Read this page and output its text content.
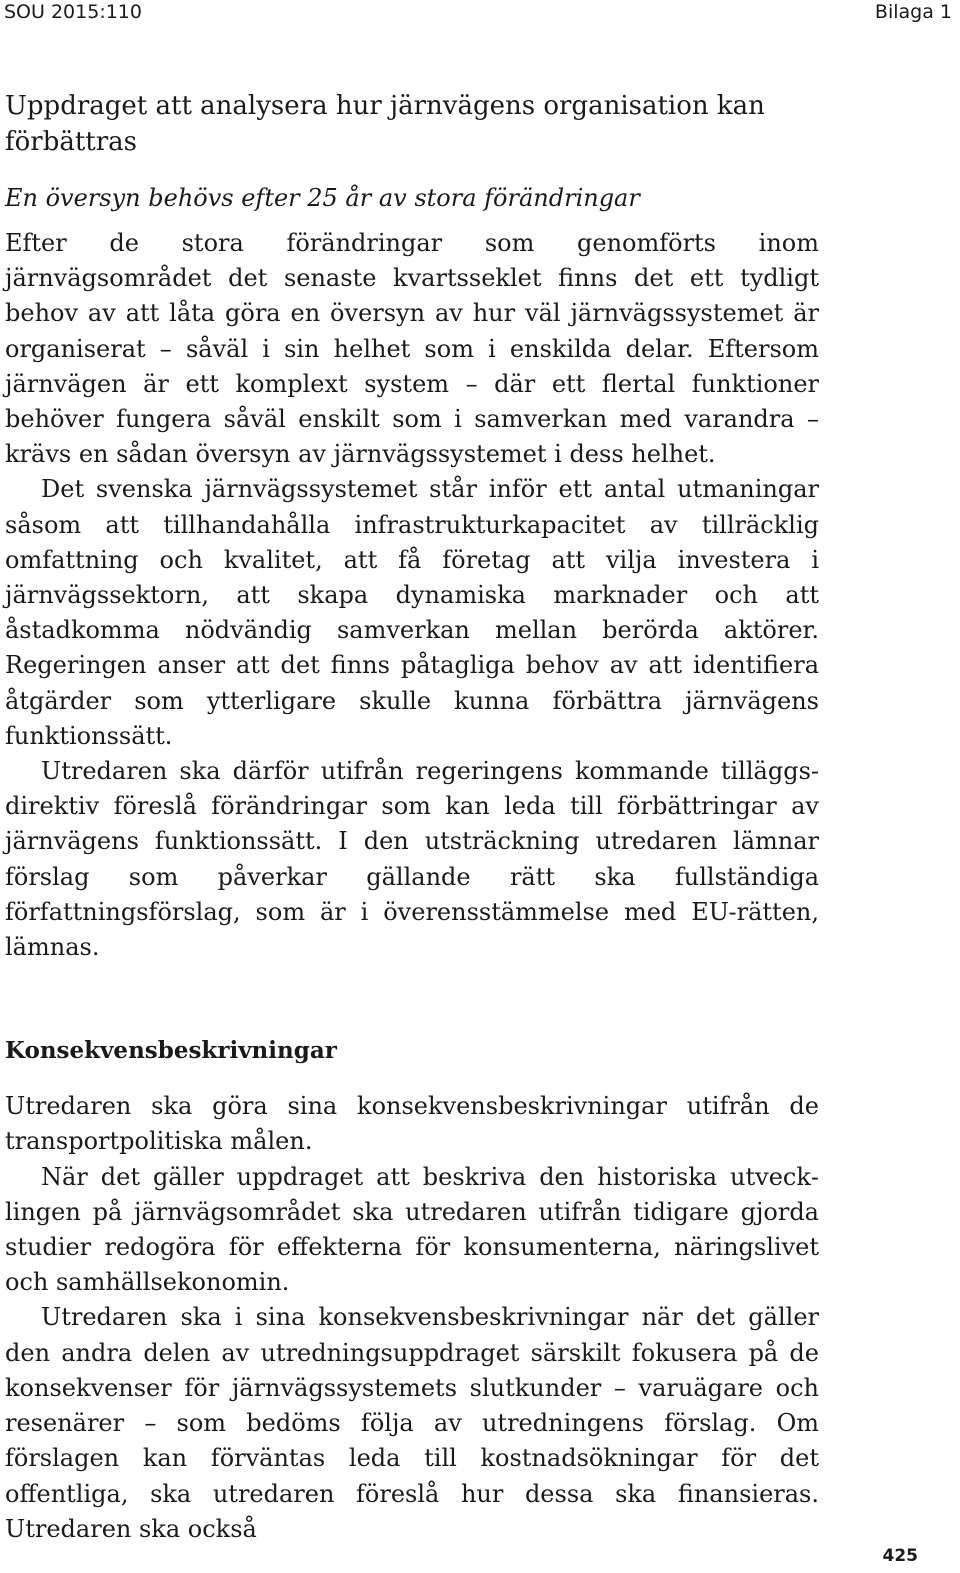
SOU 2015:110	Bilaga 1
Uppdraget att analysera hur järnvägens organisation kan förbättras
En översyn behövs efter 25 år av stora förändringar

Efter de stora förändringar som genomförts inom järnvägsområdet det senaste kvartsseklet finns det ett tydligt behov av att låta göra en översyn av hur väl järnvägssystemet är organiserat – såväl i sin helhet som i enskilda delar. Eftersom järnvägen är ett komplext system – där ett flertal funktioner behöver fungera såväl enskilt som i samverkan med varandra – krävs en sådan översyn av järnvägssystemet i dess helhet.

Det svenska järnvägssystemet står inför ett antal utmaningar såsom att tillhandahålla infrastrukturkapacitet av tillräcklig omfattning och kvalitet, att få företag att vilja investera i järnvägssektorn, att skapa dynamiska marknader och att åstadkomma nödvändig samverkan mellan berörda aktörer. Regeringen anser att det finns påtagliga behov av att identifiera åtgärder som ytterligare skulle kunna förbättra järnvägens funktionssätt.

Utredaren ska därför utifrån regeringens kommande tilläggsdirektiv föreslå förändringar som kan leda till förbättringar av järnvägens funktionssätt. I den utsträckning utredaren lämnar förslag som påverkar gällande rätt ska fullständiga författningsförslag, som är i överensstämmelse med EU-rätten, lämnas.

Konsekvensbeskrivningar

Utredaren ska göra sina konsekvensbeskrivningar utifrån de transportpolitiska målen.

När det gäller uppdraget att beskriva den historiska utvecklingen på järnvägsområdet ska utredaren utifrån tidigare gjorda studier redogöra för effekterna för konsumenterna, näringslivet och samhällsekonomin.

Utredaren ska i sina konsekvensbeskrivningar när det gäller den andra delen av utredningsuppdraget särskilt fokusera på de konsekvenser för järnvägssystemets slutkunder – varuägare och resenärer – som bedöms följa av utredningens förslag. Om förslagen kan förväntas leda till kostnadsökningar för det offentliga, ska utredaren föreslå hur dessa ska finansieras. Utredaren ska också

425
